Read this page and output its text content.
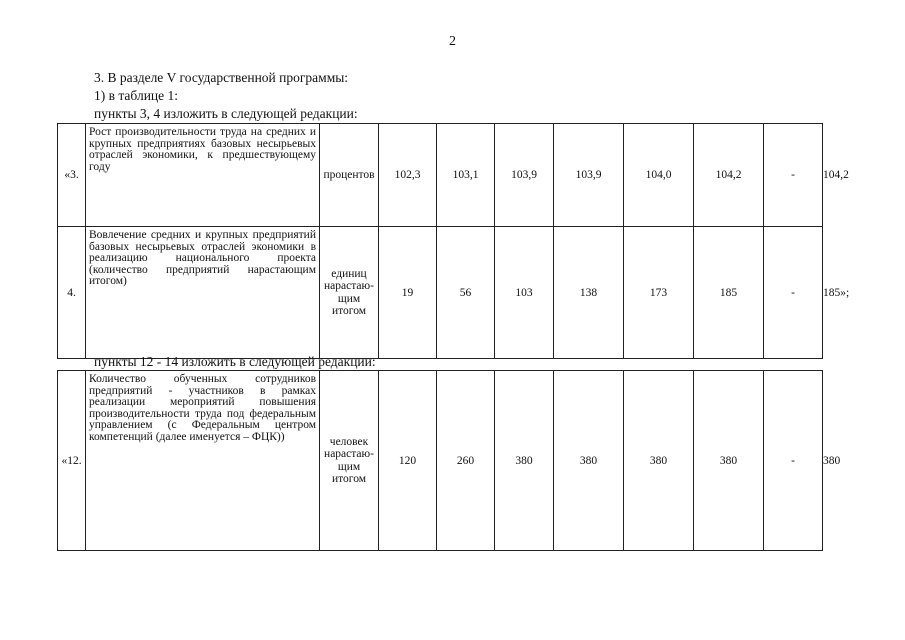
2
3. В разделе V государственной программы:
1) в таблице 1:
пункты 3, 4 изложить в следующей редакции:
«3.	Рост производительности труда на средних и крупных предприятиях базовых несырьевых отраслей экономики, к предшествующему году	процентов	102,3	103,1	103,9	103,9	104,0	104,2	-	104,2
4.	Вовлечение средних и крупных предприятий базовых несырьевых отраслей экономики в реализацию национального проекта (количество предприятий нарастающим итогом)	единиц нарастаю-щим итогом	19	56	103	138	173	185	-	185»;
пункты 12 - 14 изложить в следующей редакции:
«12.	Количество обученных сотрудников предприятий - участников в рамках реализации мероприятий повышения производительности труда под федеральным управлением (с Федеральным центром компетенций (далее именуется – ФЦК))	человек нарастаю-щим итогом	120	260	380	380	380	380	-	380
